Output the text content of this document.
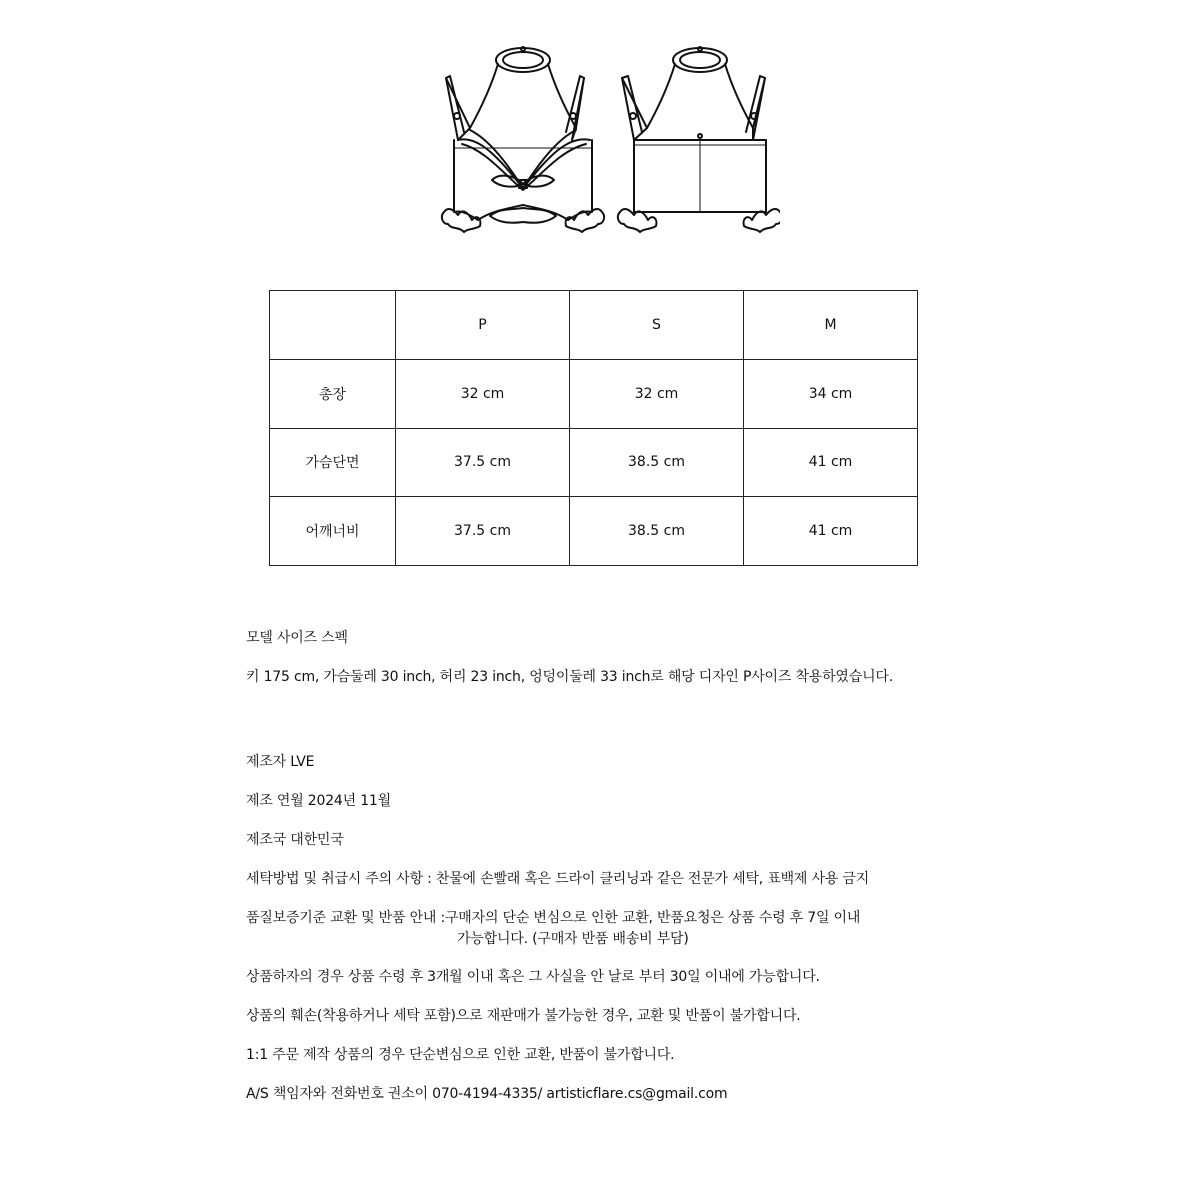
	P	S	M
총장	32 cm	32 cm	34 cm
가슴단면	37.5 cm	38.5 cm	41 cm
어깨너비	37.5 cm	38.5 cm	41 cm
모델 사이즈 스펙
키 175 cm, 가슴둘레 30 inch, 허리 23 inch, 엉덩이둘레 33 inch로 해당 디자인 P사이즈 착용하였습니다.
제조자 LVE
제조 연월 2024년 11월
제조국 대한민국
세탁방법 및 취급시 주의 사항 : 찬물에 손빨래 혹은 드라이 클리닝과 같은 전문가 세탁, 표백제 사용 금지
품질보증기준 교환 및 반품 안내 :구매자의 단순 변심으로 인한 교환, 반품요청은 상품 수령 후 7일 이내
가능합니다. (구매자 반품 배송비 부담)
상품하자의 경우 상품 수령 후 3개월 이내 혹은 그 사실을 안 날로 부터 30일 이내에 가능합니다.
상품의 훼손(착용하거나 세탁 포함)으로 재판매가 불가능한 경우, 교환 및 반품이 불가합니다.
1:1 주문 제작 상품의 경우 단순변심으로 인한 교환, 반품이 불가합니다.
A/S 책임자와 전화번호 권소이 070-4194-4335/ artisticflare.cs@gmail.com
